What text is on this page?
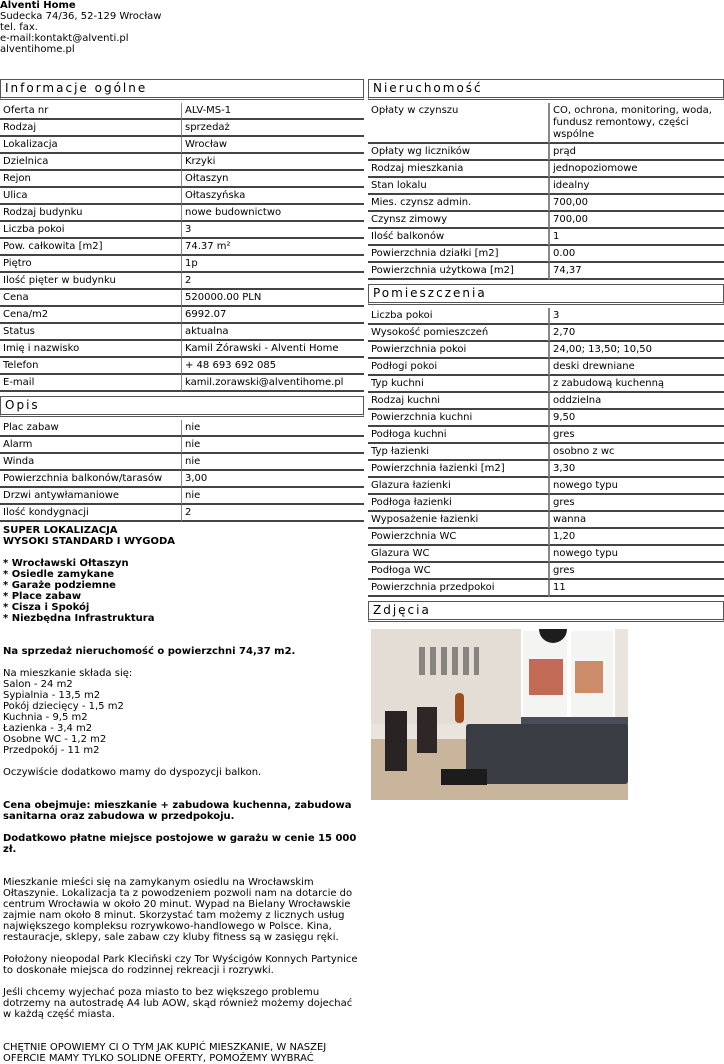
Alventi Home
Sudecka 74/36, 52-129 Wrocław
tel. fax.
e-mail:kontakt@alventi.pl
alventihome.pl
Informacje ogólne
Oferta nr	ALV-MS-1
Rodzaj	sprzedaż
Lokalizacja	Wrocław
Dzielnica	Krzyki
Rejon	Ołtaszyn
Ulica	Ołtaszyńska
Rodzaj budynku	nowe budownictwo
Liczba pokoi	3
Pow. całkowita [m2]	74.37 m²
Piętro	1p
Ilość pięter w budynku	2
Cena	520000.00 PLN
Cena/m2	6992.07
Status	aktualna
Imię i nazwisko	Kamil Żórawski - Alventi Home
Telefon	+ 48 693 692 085
E-mail	kamil.zorawski@alventihome.pl
Opis
Plac zabaw	nie
Alarm	nie
Winda	nie
Powierzchnia balkonów/tarasów	3,00
Drzwi antywłamaniowe	nie
Ilość kondygnacji	2
SUPER LOKALIZACJA
WYSOKI STANDARD I WYGODA

* Wrocławski Ołtaszyn
* Osiedle zamykane
* Garaże podziemne
* Place zabaw
* Cisza i Spokój
* Niezbędna Infrastruktura

Na sprzedaż nieruchomość o powierzchni 74,37 m2.

Na mieszkanie składa się:
Salon - 24 m2
Sypialnia - 13,5 m2
Pokój dziecięcy - 1,5 m2
Kuchnia - 9,5 m2
Łazienka - 3,4 m2
Osobne WC - 1,2 m2
Przedpokój - 11 m2

Oczywiście dodatkowo mamy do dyspozycji balkon.

Cena obejmuje: mieszkanie + zabudowa kuchenna, zabudowa sanitarna oraz zabudowa w przedpokoju.

Dodatkowo płatne miejsce postojowe w garażu w cenie 15 000 zł.

Mieszkanie mieści się na zamykanym osiedlu na Wrocławskim Ołtaszynie. Lokalizacja ta z powodzeniem pozwoli nam na dotarcie do centrum Wrocławia w około 20 minut. Wypad na Bielany Wrocławskie zajmie nam około 8 minut. Skorzystać tam możemy z licznych usług największego kompleksu rozrywkowo-handlowego w Polsce. Kina, restauracje, sklepy, sale zabaw czy kluby fitness są w zasięgu ręki.

Położony nieopodal Park Kleciński czy Tor Wyścigów Konnych Partynice to doskonałe miejsca do rodzinnej rekreacji i rozrywki.

Jeśli chcemy wyjechać poza miasto to bez większego problemu dotrzemy na autostradę A4 lub AOW, skąd również możemy dojechać w każdą część miasta.

CHĘTNIE OPOWIEMY CI O TYM JAK KUPIĆ MIESZKANIE, W NASZEJ OFERCIE MAMY TYLKO SOLIDNE OFERTY, POMOŻEMY WYBRAĆ
Nieruchomość
Opłaty w czynszu	CO, ochrona, monitoring, woda, fundusz remontowy, części wspólne
Opłaty wg liczników	prąd
Rodzaj mieszkania	jednopoziomowe
Stan lokalu	idealny
Mies. czynsz admin.	700,00
Czynsz zimowy	700,00
Ilość balkonów	1
Powierzchnia działki [m2]	0.00
Powierzchnia użytkowa [m2]	74,37
Pomieszczenia
Liczba pokoi	3
Wysokość pomieszczeń	2,70
Powierzchnia pokoi	24,00; 13,50; 10,50
Podłogi pokoi	deski drewniane
Typ kuchni	z zabudową kuchenną
Rodzaj kuchni	oddzielna
Powierzchnia kuchni	9,50
Podłoga kuchni	gres
Typ łazienki	osobno z wc
Powierzchnia łazienki [m2]	3,30
Glazura łazienki	nowego typu
Podłoga łazienki	gres
Wyposażenie łazienki	wanna
Powierzchnia WC	1,20
Glazura WC	nowego typu
Podłoga WC	gres
Powierzchnia przedpokoi	11
Zdjęcia
